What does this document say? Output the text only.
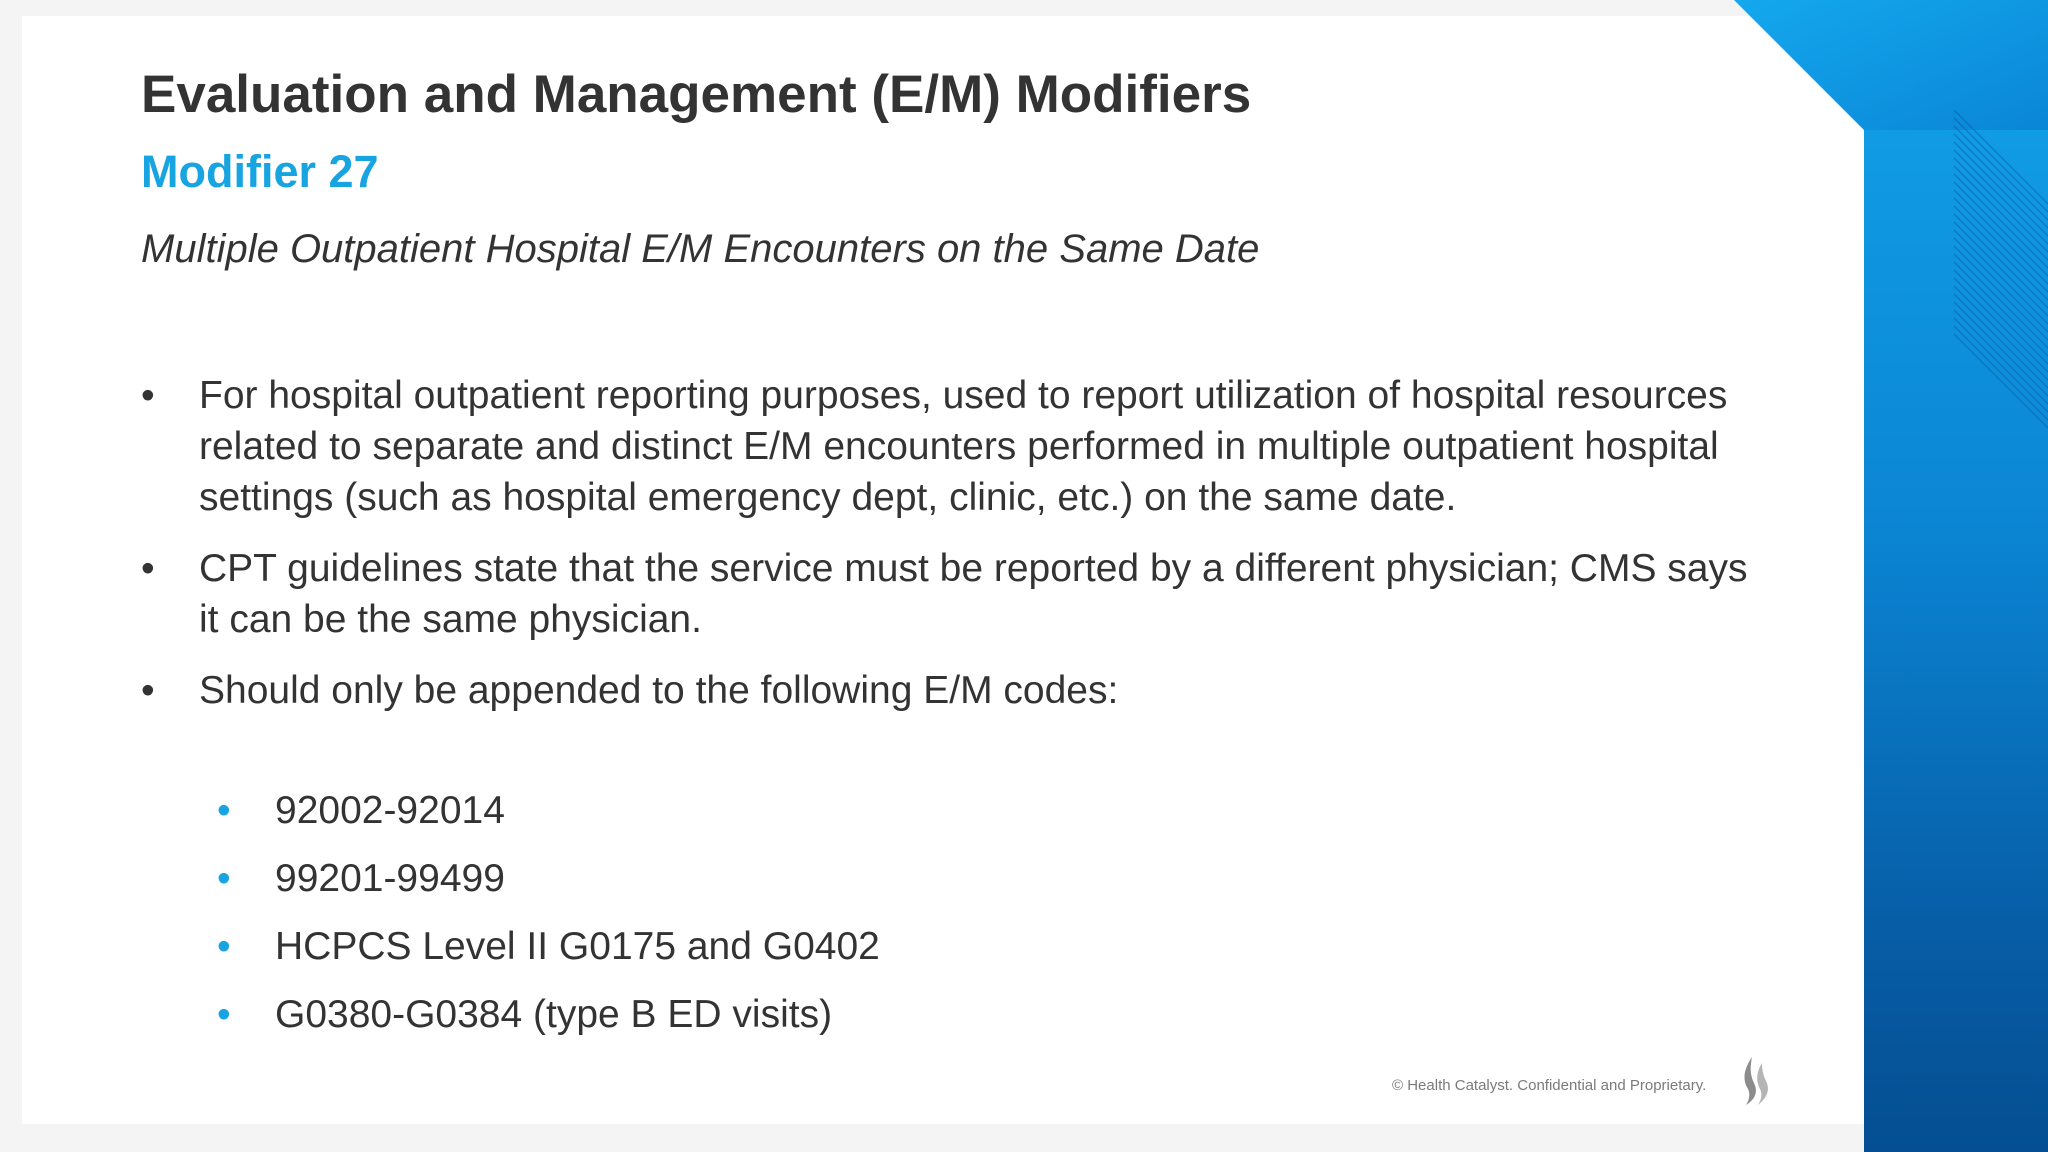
Evaluation and Management (E/M) Modifiers
Modifier 27

Multiple Outpatient Hospital E/M Encounters on the Same Date

• For hospital outpatient reporting purposes, used to report utilization of hospital resources related to separate and distinct E/M encounters performed in multiple outpatient hospital settings (such as hospital emergency dept, clinic, etc.) on the same date.
• CPT guidelines state that the service must be reported by a different physician; CMS says it can be the same physician.
• Should only be appended to the following E/M codes:
• 92002-92014
• 99201-99499
• HCPCS Level II G0175 and G0402
• G0380-G0384 (type B ED visits)
© Health Catalyst. Confidential and Proprietary.
